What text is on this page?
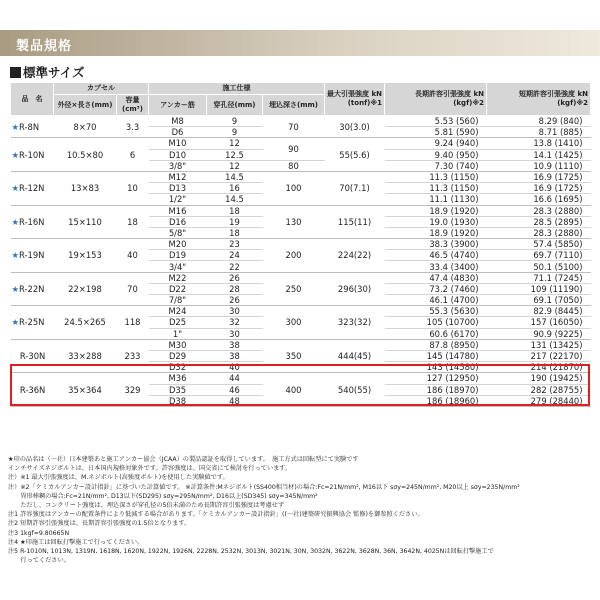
製品規格
標準サイズ
品　名	カプセル		施工仕様			最大引張強度 kN (tonf)※1	長期許容引張強度 kN (kgf)※2	短期許容引張強度 kN (kgf)※2
	外径×長さ(mm)	容量(cm³)	アンカー筋	穿孔径(mm)	埋込深さ(mm)			
★R-8N	8×70	3.3	M8	9	70	30(3.0)	5.53 (560)	8.29 (840)
			D6	9			5.81 (590)	8.71 (885)
★R-10N	10.5×80	6	M10	12	90	55(5.6)	9.24 (940)	13.8 (1410)
			D10	12.5			9.40 (950)	14.1 (1425)
			3/8"	12	80		7.30 (740)	10.9 (1110)
★R-12N	13×83	10	M12	14.5	100	70(7.1)	11.3 (1150)	16.9 (1725)
			D13	16			11.3 (1150)	16.9 (1725)
			1/2"	14.5			11.1 (1130)	16.6 (1695)
★R-16N	15×110	18	M16	18	130	115(11)	18.9 (1920)	28.3 (2880)
			D16	19			19.0 (1930)	28.5 (2895)
			5/8"	18			18.9 (1920)	28.3 (2880)
★R-19N	19×153	40	M20	23	200	224(22)	38.3 (3900)	57.4 (5850)
			D19	24			46.5 (4740)	69.7 (7110)
			3/4"	22			33.4 (3400)	50.1 (5100)
★R-22N	22×198	70	M22	26	250	296(30)	47.4 (4830)	71.1 (7245)
			D22	28			73.2 (7460)	109 (11190)
			7/8"	26			46.1 (4700)	69.1 (7050)
★R-25N	24.5×265	118	M24	30	300	323(32)	55.3 (5630)	82.9 (8445)
			D25	32			105 (10700)	157 (16050)
			1"	30			60.6 (6170)	90.9 (9225)
　R-30N	33×288	233	M30	38	350	444(45)	87.8 (8950)	131 (13425)
			D29	38			145 (14780)	217 (22170)
			D32	40			143 (14580)	214 (21870)
　R-36N	35×364	329	M36	44	400	540(55)	127 (12950)	190 (19425)
			D35	46			186 (18970)	282 (28755)
			D38	48			186 (18960)	279 (28440)
★印の品名は（一社）日本建築あと施工アンカー協会（JCAA）の製品認証を取得しています。　施工方式は回転型にて実験です
インチサイズネジボルトは、日本国内規格対象外です。許容強度は、国交省にて検討を行っています。
注）※1 最大引張強度は、M.ネジボルト(高強度ボルト)を使用した実験値です。
注）※2「ケミカルアンカー設計指針」に基づいた計算値です。 ※計算条件:Mネジボルト(SS400相当材)の場合:Fc=21N/mm², M16以下 sσy=245N/mm², M20以上 sσy=235N/mm²
　　異形棒鋼の場合:Fc=21N/mm², D13以下(SD295) sσy=295N/mm², D16以上(SD345) sσy=345N/mm²
　　ただし、コンクリート強度は、埋込深さが穿孔径の5倍未満のため長期許容引張強度は考慮せず
注1 許容強度はアンカーの配置条件により低減する場合があります。「ケミカルアンカー設計指針」((一社)建築研究振興協会 監修)を御参照ください。
注2 短期許容引張強度は、長期許容引張強度の1.5倍となります。
注3 1kgf=9.80665N
注4 ★印施工は回転打撃施工で行ってください。
注5 R-1010N, 1013N, 1319N, 1618N, 1620N, 1922N, 1926N, 2228N, 2532N, 3013N, 3021N, 30N, 3032N, 3622N, 3628N, 36N, 3642N, 4025Nは回転打撃施工で
　　行ってください。
